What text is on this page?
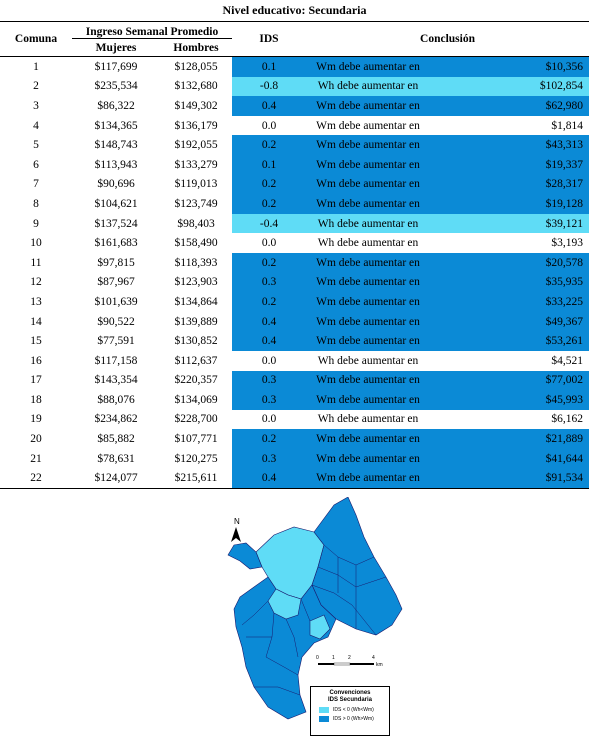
Nivel educativo: Secundaria
Comuna	Ingreso Semanal Promedio		IDS	Conclusión	
	Mujeres	Hombres			
1	$117,699	$128,055	0.1	Wm debe aumentar en	$10,356
2	$235,534	$132,680	-0.8	Wh debe aumentar en	$102,854
3	$86,322	$149,302	0.4	Wm debe aumentar en	$62,980
4	$134,365	$136,179	0.0	Wm debe aumentar en	$1,814
5	$148,743	$192,055	0.2	Wm debe aumentar en	$43,313
6	$113,943	$133,279	0.1	Wm debe aumentar en	$19,337
7	$90,696	$119,013	0.2	Wm debe aumentar en	$28,317
8	$104,621	$123,749	0.2	Wm debe aumentar en	$19,128
9	$137,524	$98,403	-0.4	Wh debe aumentar en	$39,121
10	$161,683	$158,490	0.0	Wh debe aumentar en	$3,193
11	$97,815	$118,393	0.2	Wm debe aumentar en	$20,578
12	$87,967	$123,903	0.3	Wm debe aumentar en	$35,935
13	$101,639	$134,864	0.2	Wm debe aumentar en	$33,225
14	$90,522	$139,889	0.4	Wm debe aumentar en	$49,367
15	$77,591	$130,852	0.4	Wm debe aumentar en	$53,261
16	$117,158	$112,637	0.0	Wh debe aumentar en	$4,521
17	$143,354	$220,357	0.3	Wm debe aumentar en	$77,002
18	$88,076	$134,069	0.3	Wm debe aumentar en	$45,993
19	$234,862	$228,700	0.0	Wh debe aumentar en	$6,162
20	$85,882	$107,771	0.2	Wm debe aumentar en	$21,889
21	$78,631	$120,275	0.3	Wm debe aumentar en	$41,644
22	$124,077	$215,611	0.4	Wm debe aumentar en	$91,534
N
0	1	2	4
km
Convenciones
IDS Secundaria
IDS < 0 (Wh<Wm)
IDS > 0 (Wh>Wm)
